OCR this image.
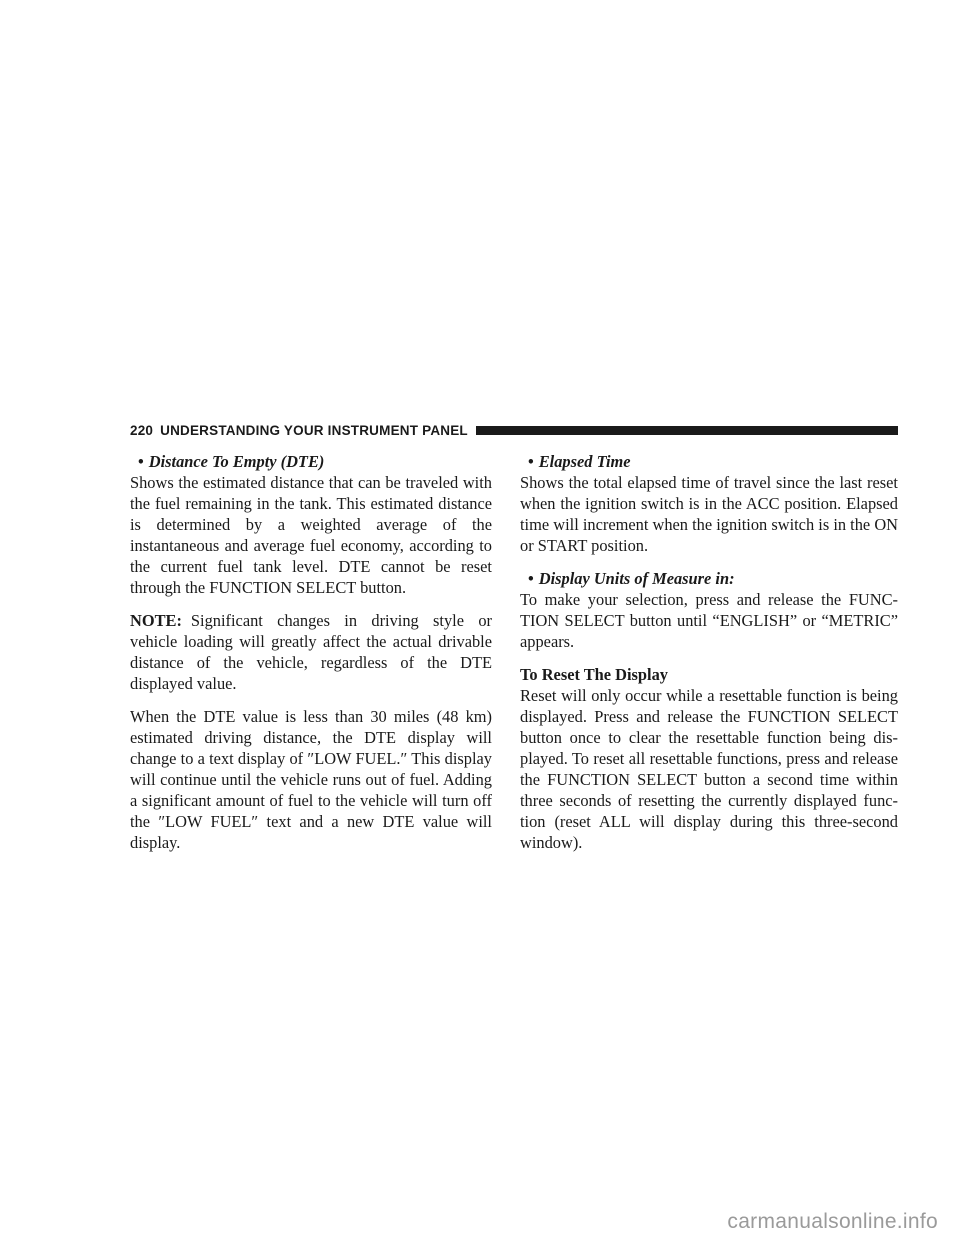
220 UNDERSTANDING YOUR INSTRUMENT PANEL

• Distance To Empty (DTE)

Shows the estimated distance that can be traveled with the fuel remaining in the tank. This estimated distance is determined by a weighted average of the instantaneous and average fuel economy, according to the current fuel tank level. DTE cannot be reset through the FUNCTION SELECT button.

NOTE: Significant changes in driving style or vehicle loading will greatly affect the actual drivable distance of the vehicle, regardless of the DTE displayed value.

When the DTE value is less than 30 miles (48 km) estimated driving distance, the DTE display will change to a text display of ″LOW FUEL.″ This display will continue until the vehicle runs out of fuel. Adding a significant amount of fuel to the vehicle will turn off the ″LOW FUEL″ text and a new DTE value will display.

• Elapsed Time

Shows the total elapsed time of travel since the last reset when the ignition switch is in the ACC position. Elapsed time will increment when the ignition switch is in the ON or START position.

• Display Units of Measure in:

To make your selection, press and release the FUNC-TION SELECT button until “ENGLISH” or “METRIC” appears.

To Reset The Display

Reset will only occur while a resettable function is being displayed. Press and release the FUNCTION SELECT button once to clear the resettable function being dis-played. To reset all resettable functions, press and release the FUNCTION SELECT button a second time within three seconds of resetting the currently displayed func-tion (reset ALL will display during this three-second window).

carmanualsonline.info
